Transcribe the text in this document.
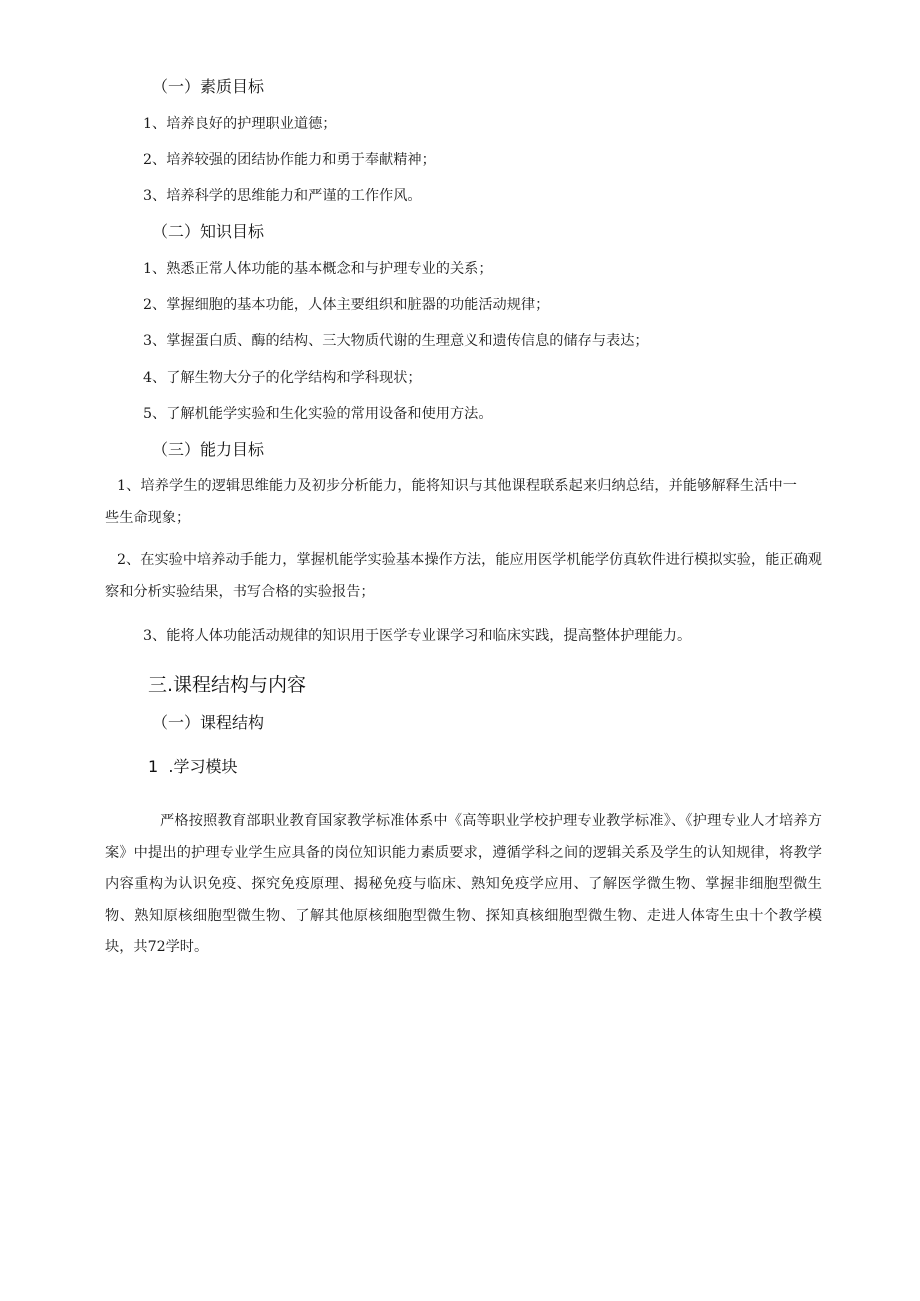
（一）素质目标
1、培养良好的护理职业道德；
2、培养较强的团结协作能力和勇于奉献精神；
3、培养科学的思维能力和严谨的工作作风。
（二）知识目标
1、熟悉正常人体功能的基本概念和与护理专业的关系；
2、掌握细胞的基本功能，人体主要组织和脏器的功能活动规律；
3、掌握蛋白质、酶的结构、三大物质代谢的生理意义和遗传信息的储存与表达；
4、了解生物大分子的化学结构和学科现状；
5、了解机能学实验和生化实验的常用设备和使用方法。
（三）能力目标
1、培养学生的逻辑思维能力及初步分析能力，能将知识与其他课程联系起来归纳总结，并能够解释生活中一些生命现象；
2、在实验中培养动手能力，掌握机能学实验基本操作方法，能应用医学机能学仿真软件进行模拟实验，能正确观察和分析实验结果，书写合格的实验报告；
3、能将人体功能活动规律的知识用于医学专业课学习和临床实践，提高整体护理能力。
三.课程结构与内容
（一）课程结构
1  .学习模块
严格按照教育部职业教育国家教学标准体系中《高等职业学校护理专业教学标准》、《护理专业人才培养方案》中提出的护理专业学生应具备的岗位知识能力素质要求，遵循学科之间的逻辑关系及学生的认知规律，将教学内容重构为认识免疫、探究免疫原理、揭秘免疫与临床、熟知免疫学应用、了解医学微生物、掌握非细胞型微生物、熟知原核细胞型微生物、了解其他原核细胞型微生物、探知真核细胞型微生物、走进人体寄生虫十个教学模块，共72学时。
